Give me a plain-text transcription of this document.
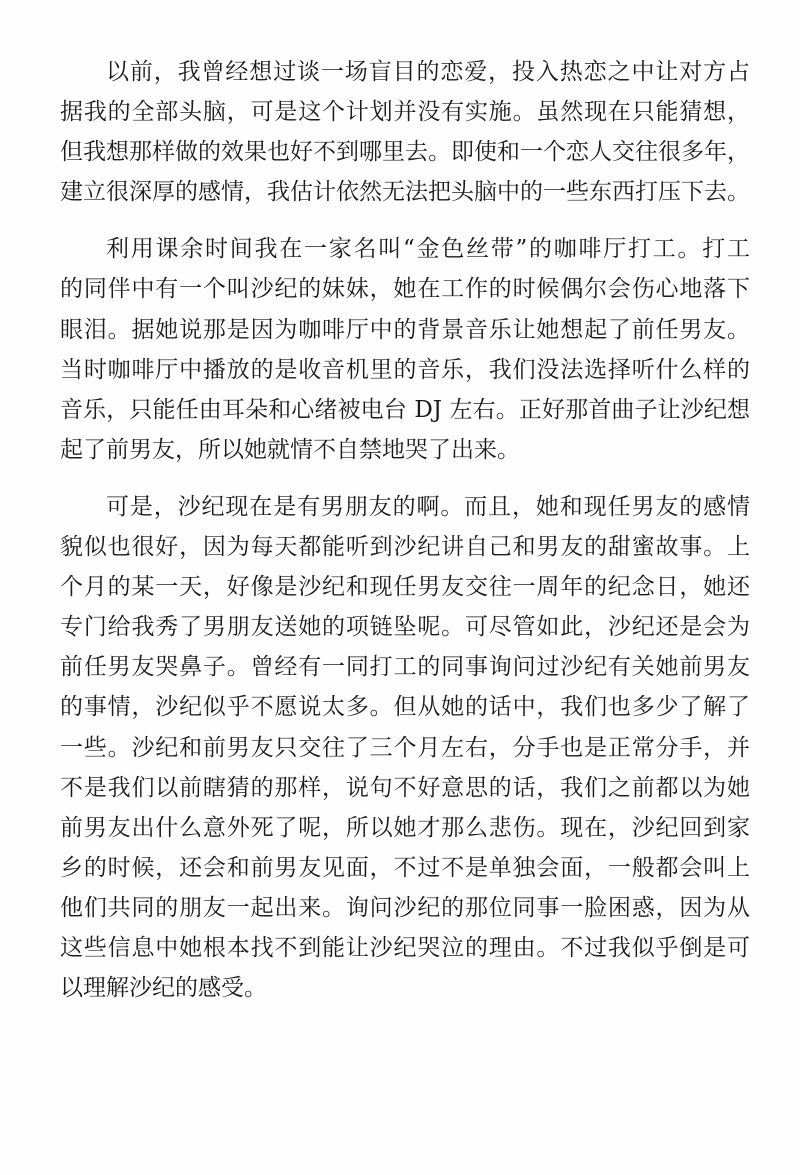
以前，我曾经想过谈一场盲目的恋爱，投入热恋之中让对方占
据我的全部头脑，可是这个计划并没有实施。虽然现在只能猜想，
但我想那样做的效果也好不到哪里去。即使和一个恋人交往很多年，
建立很深厚的感情，我估计依然无法把头脑中的一些东西打压下去。
利用课余时间我在一家名叫“金色丝带”的咖啡厅打工。打工
的同伴中有一个叫沙纪的妹妹，她在工作的时候偶尔会伤心地落下
眼泪。据她说那是因为咖啡厅中的背景音乐让她想起了前任男友。
当时咖啡厅中播放的是收音机里的音乐，我们没法选择听什么样的
音乐，只能任由耳朵和心绪被电台 DJ 左右。正好那首曲子让沙纪想
起了前男友，所以她就情不自禁地哭了出来。
可是，沙纪现在是有男朋友的啊。而且，她和现任男友的感情
貌似也很好，因为每天都能听到沙纪讲自己和男友的甜蜜故事。上
个月的某一天，好像是沙纪和现任男友交往一周年的纪念日，她还
专门给我秀了男朋友送她的项链坠呢。可尽管如此，沙纪还是会为
前任男友哭鼻子。曾经有一同打工的同事询问过沙纪有关她前男友
的事情，沙纪似乎不愿说太多。但从她的话中，我们也多少了解了
一些。沙纪和前男友只交往了三个月左右，分手也是正常分手，并
不是我们以前瞎猜的那样，说句不好意思的话，我们之前都以为她
前男友出什么意外死了呢，所以她才那么悲伤。现在，沙纪回到家
乡的时候，还会和前男友见面，不过不是单独会面，一般都会叫上
他们共同的朋友一起出来。询问沙纪的那位同事一脸困惑，因为从
这些信息中她根本找不到能让沙纪哭泣的理由。不过我似乎倒是可
以理解沙纪的感受。
